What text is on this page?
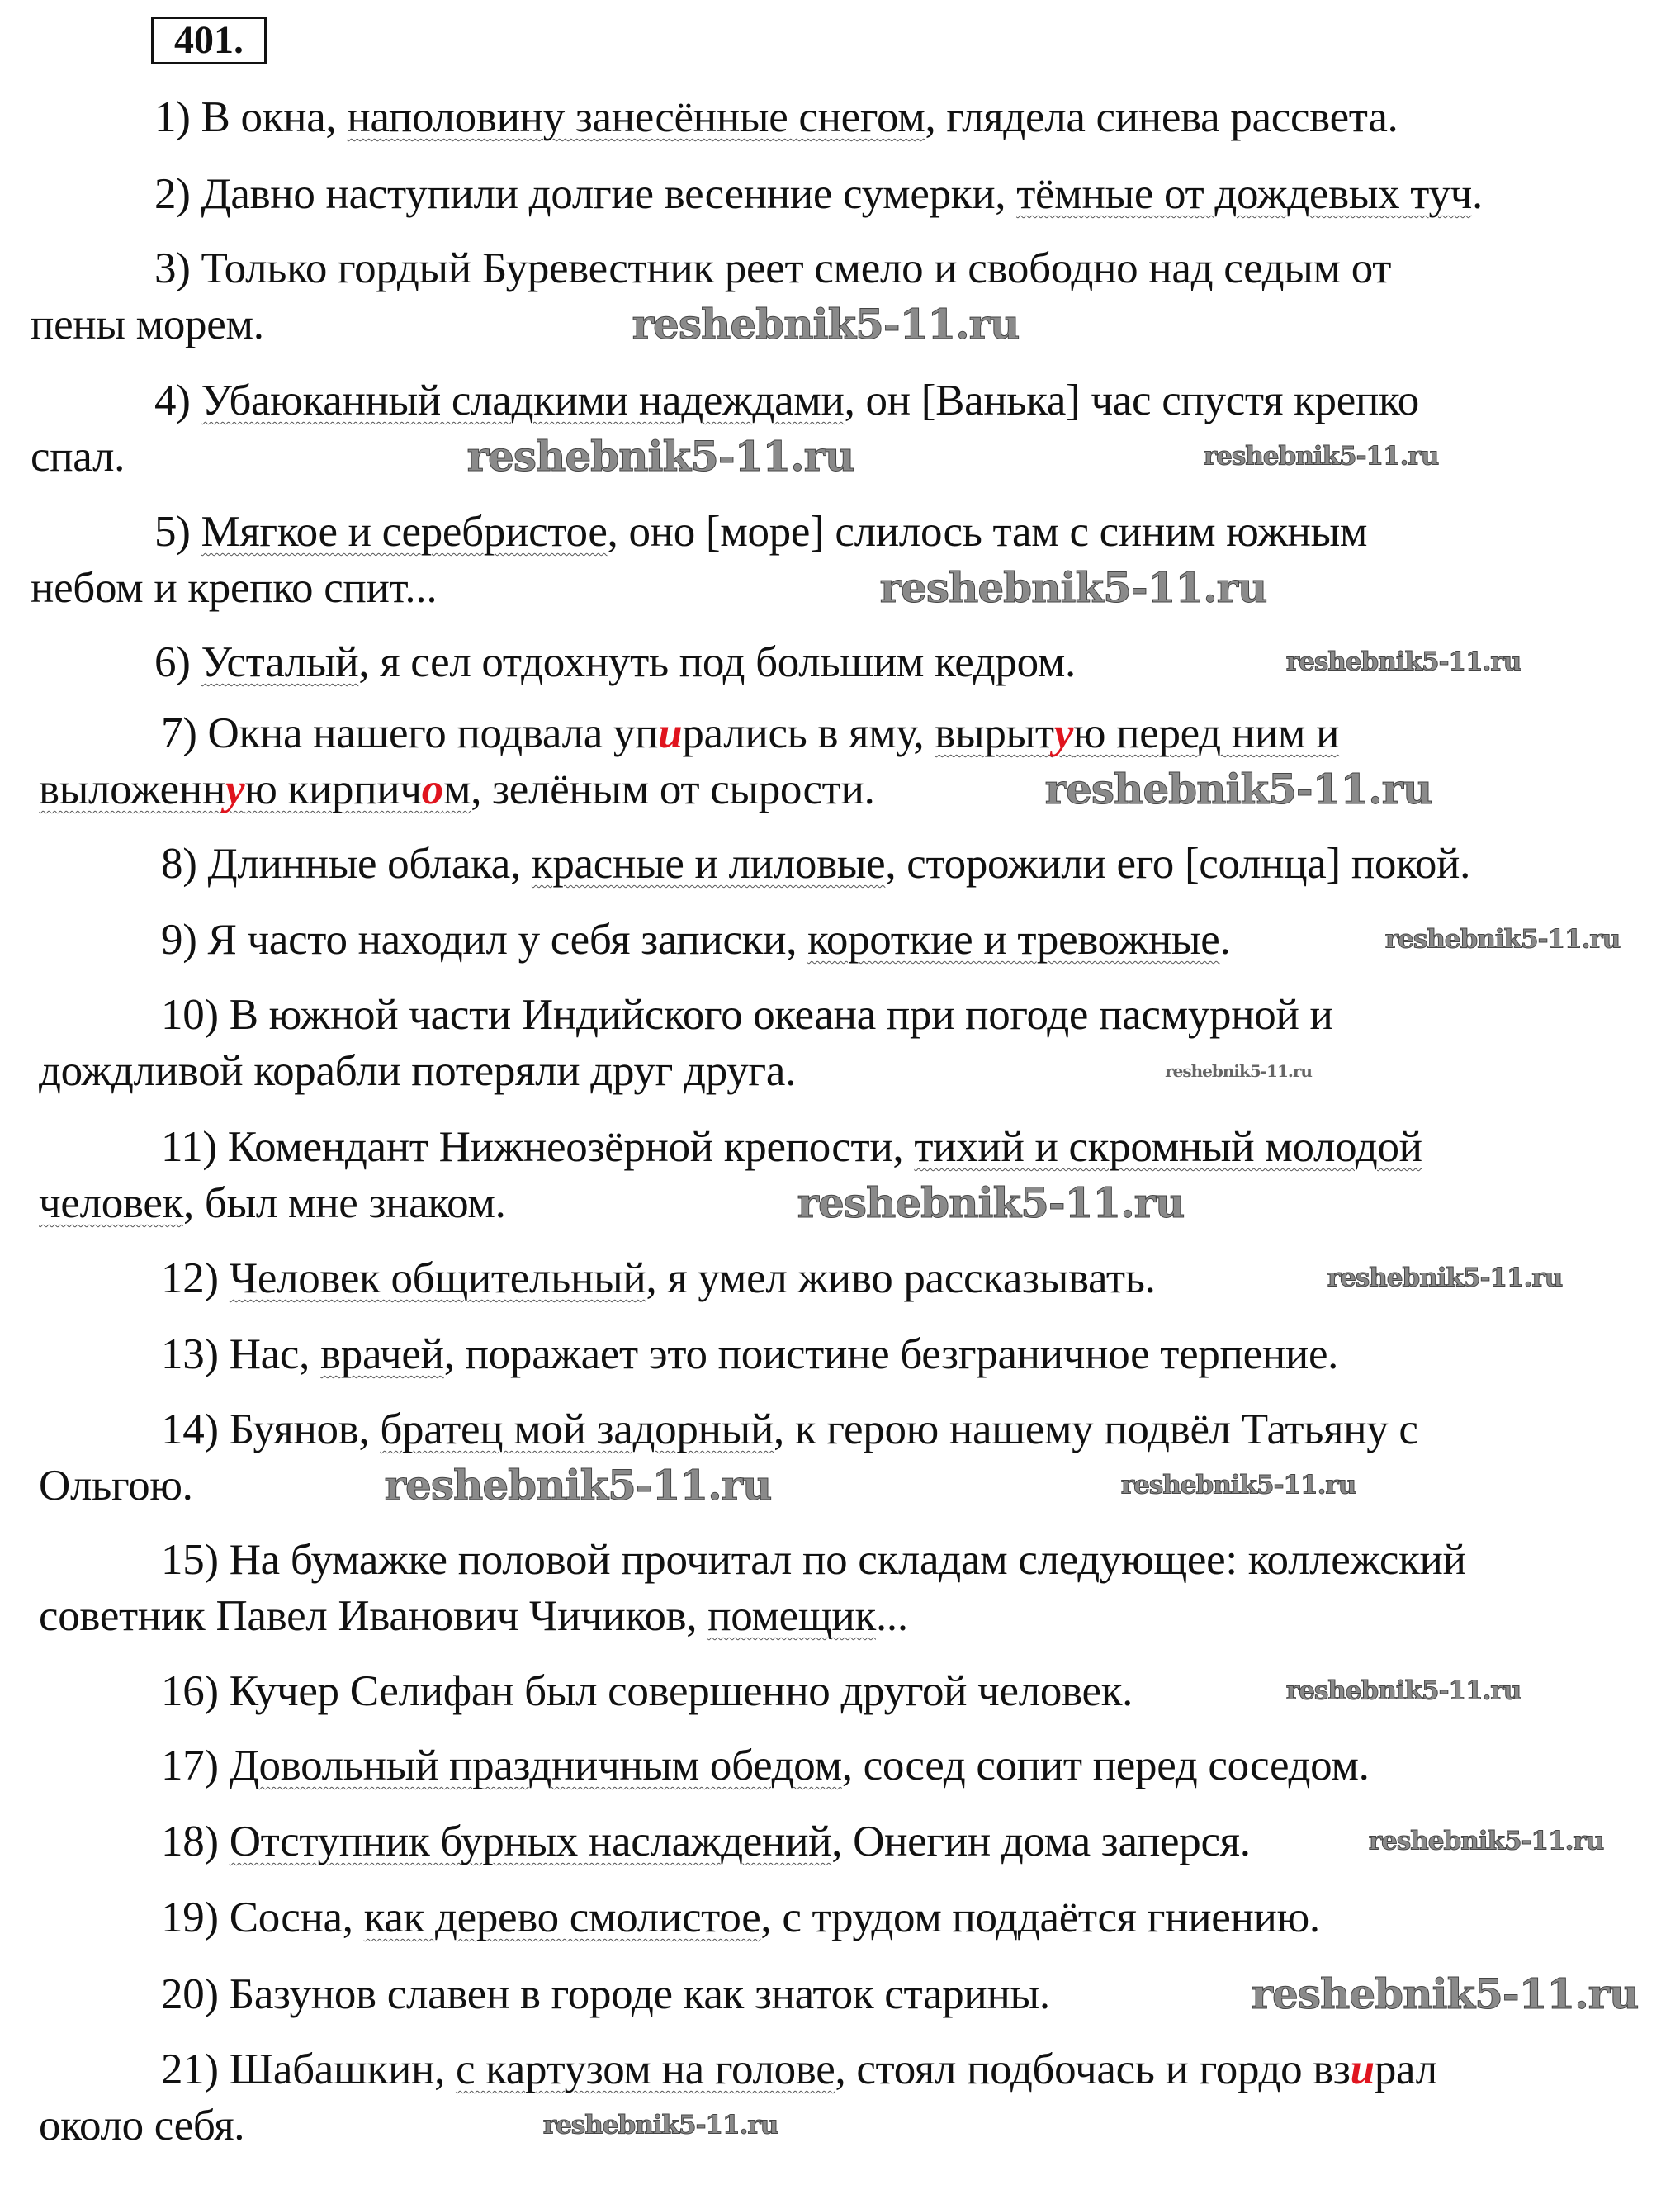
401.
1) В окна, наполовину занесённые снегом, глядела синева рассвета.
2) Давно наступили долгие весенние сумерки, тёмные от дождевых туч.
3) Только гордый Буревестник реет смело и свободно над седым от
пены морем.
4) Убаюканный сладкими надеждами, он [Ванька] час спустя крепко
спал.
5) Мягкое и серебристое, оно [море] слилось там с синим южным
небом и крепко спит...
6) Усталый, я сел отдохнуть под большим кедром.
7) Окна нашего подвала упирались в яму, вырытую перед ним и
выложенную кирпичом, зелёным от сырости.
8) Длинные облака, красные и лиловые, сторожили его [солнца] покой.
9) Я часто находил у себя записки, короткие и тревожные.
10) В южной части Индийского океана при погоде пасмурной и
дождливой корабли потеряли друг друга.
11) Комендант Нижнеозёрной крепости, тихий и скромный молодой
человек, был мне знаком.
12) Человек общительный, я умел живо рассказывать.
13) Нас, врачей, поражает это поистине безграничное терпение.
14) Буянов, братец мой задорный, к герою нашему подвёл Татьяну с
Ольгою.
15) На бумажке половой прочитал по складам следующее: коллежский
советник Павел Иванович Чичиков, помещик...
16) Кучер Селифан был совершенно другой человек.
17) Довольный праздничным обедом, сосед сопит перед соседом.
18) Отступник бурных наслаждений, Онегин дома заперся.
19) Сосна, как дерево смолистое, с трудом поддаётся гниению.
20) Базунов славен в городе как знаток старины.
21) Шабашкин, с картузом на голове, стоял подбочась и гордо взирал
около себя.
reshebnik5-11.ru
reshebnik5-11.ru	reshebnik5-11.ru
reshebnik5-11.ru
reshebnik5-11.ru
reshebnik5-11.ru
reshebnik5-11.ru
reshebnik5-11.ru
reshebnik5-11.ru
reshebnik5-11.ru
reshebnik5-11.ru	reshebnik5-11.ru
reshebnik5-11.ru
reshebnik5-11.ru
reshebnik5-11.ru
reshebnik5-11.ru
